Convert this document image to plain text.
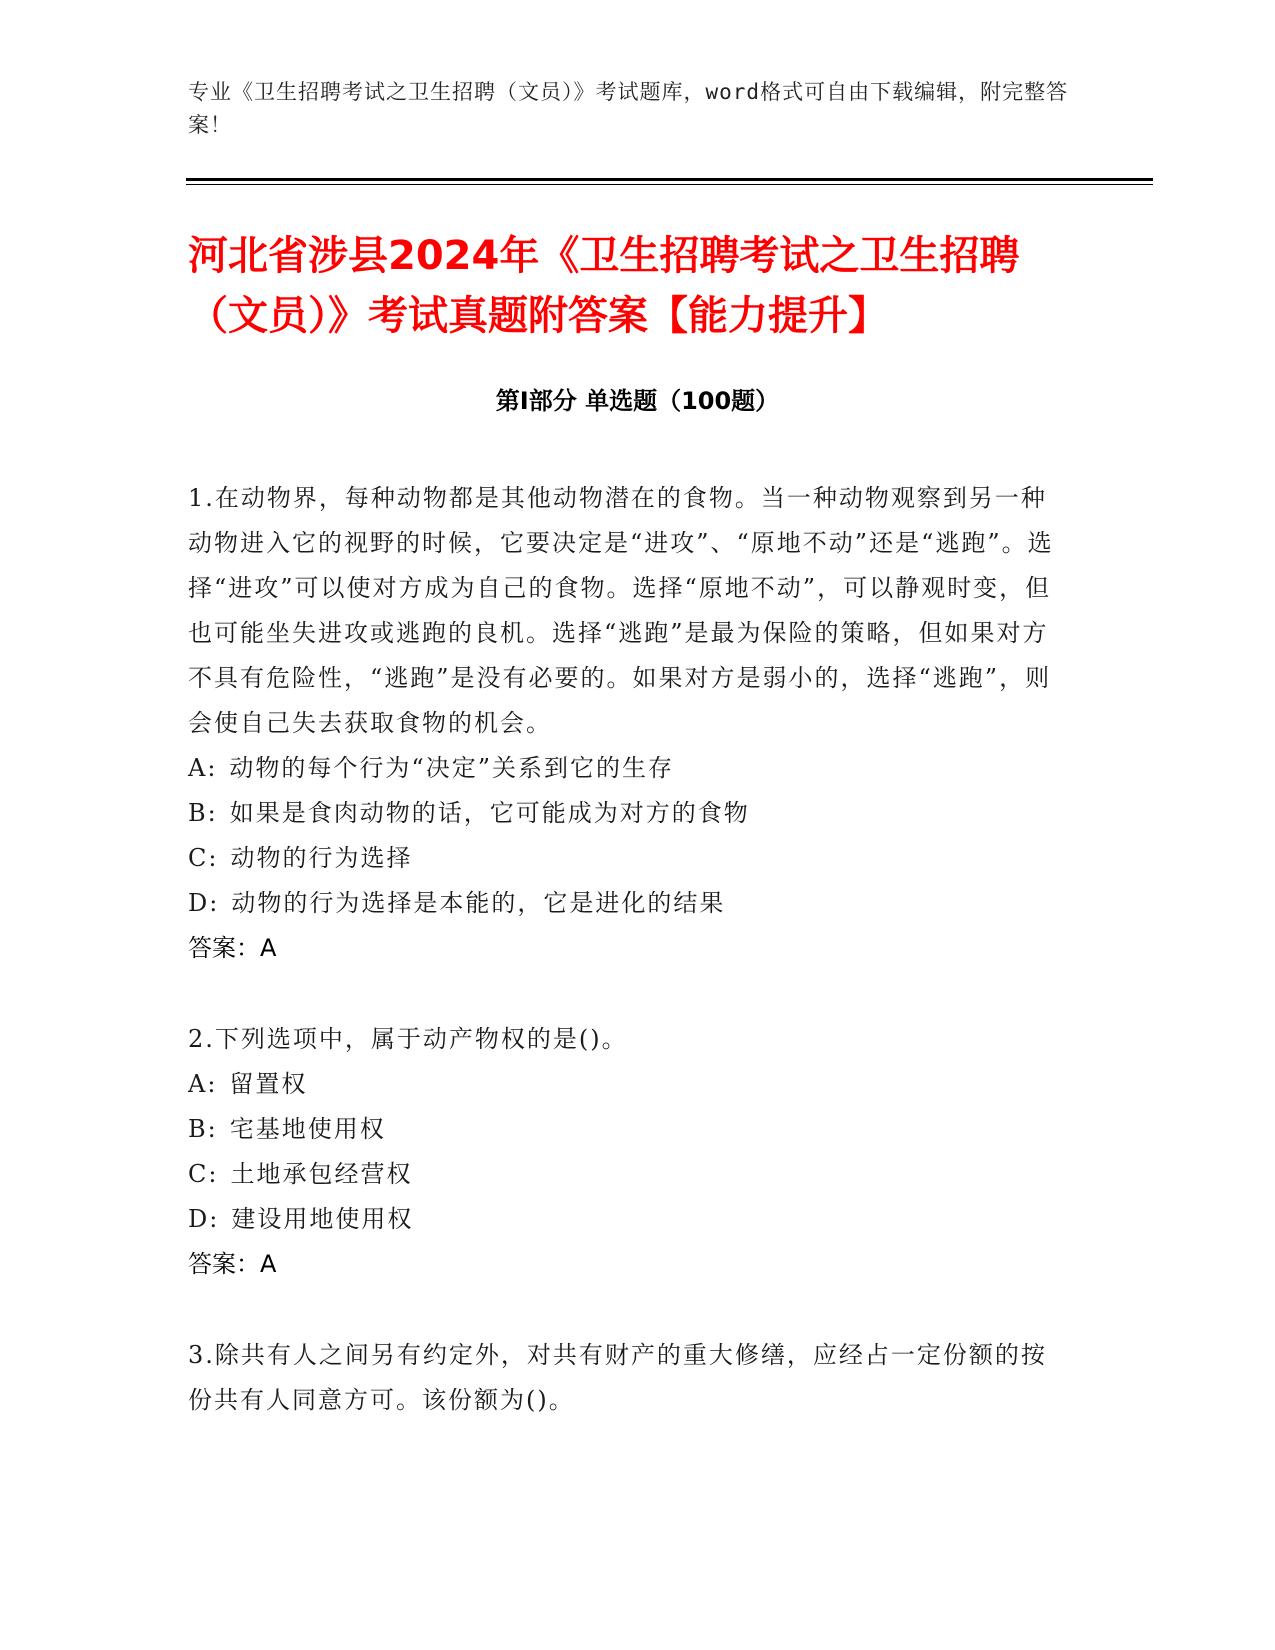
专业《卫生招聘考试之卫生招聘（文员）》考试题库，word格式可自由下载编辑，附完整答案！
河北省涉县2024年《卫生招聘考试之卫生招聘（文员）》考试真题附答案【能力提升】
第I部分 单选题（100题）

1.在动物界，每种动物都是其他动物潜在的食物。当一种动物观察到另一种动物进入它的视野的时候，它要决定是“进攻”、“原地不动”还是“逃跑”。选择“进攻”可以使对方成为自己的食物。选择“原地不动”，可以静观时变，但也可能坐失进攻或逃跑的良机。选择“逃跑”是最为保险的策略，但如果对方不具有危险性，“逃跑”是没有必要的。如果对方是弱小的，选择“逃跑”，则会使自己失去获取食物的机会。

A: 动物的每个行为“决定”关系到它的生存

B: 如果是食肉动物的话，它可能成为对方的食物

C: 动物的行为选择

D: 动物的行为选择是本能的，它是进化的结果

答案：A

2.下列选项中，属于动产物权的是()。

A: 留置权

B: 宅基地使用权

C: 土地承包经营权

D: 建设用地使用权

答案：A

3.除共有人之间另有约定外，对共有财产的重大修缮，应经占一定份额的按份共有人同意方可。该份额为()。
